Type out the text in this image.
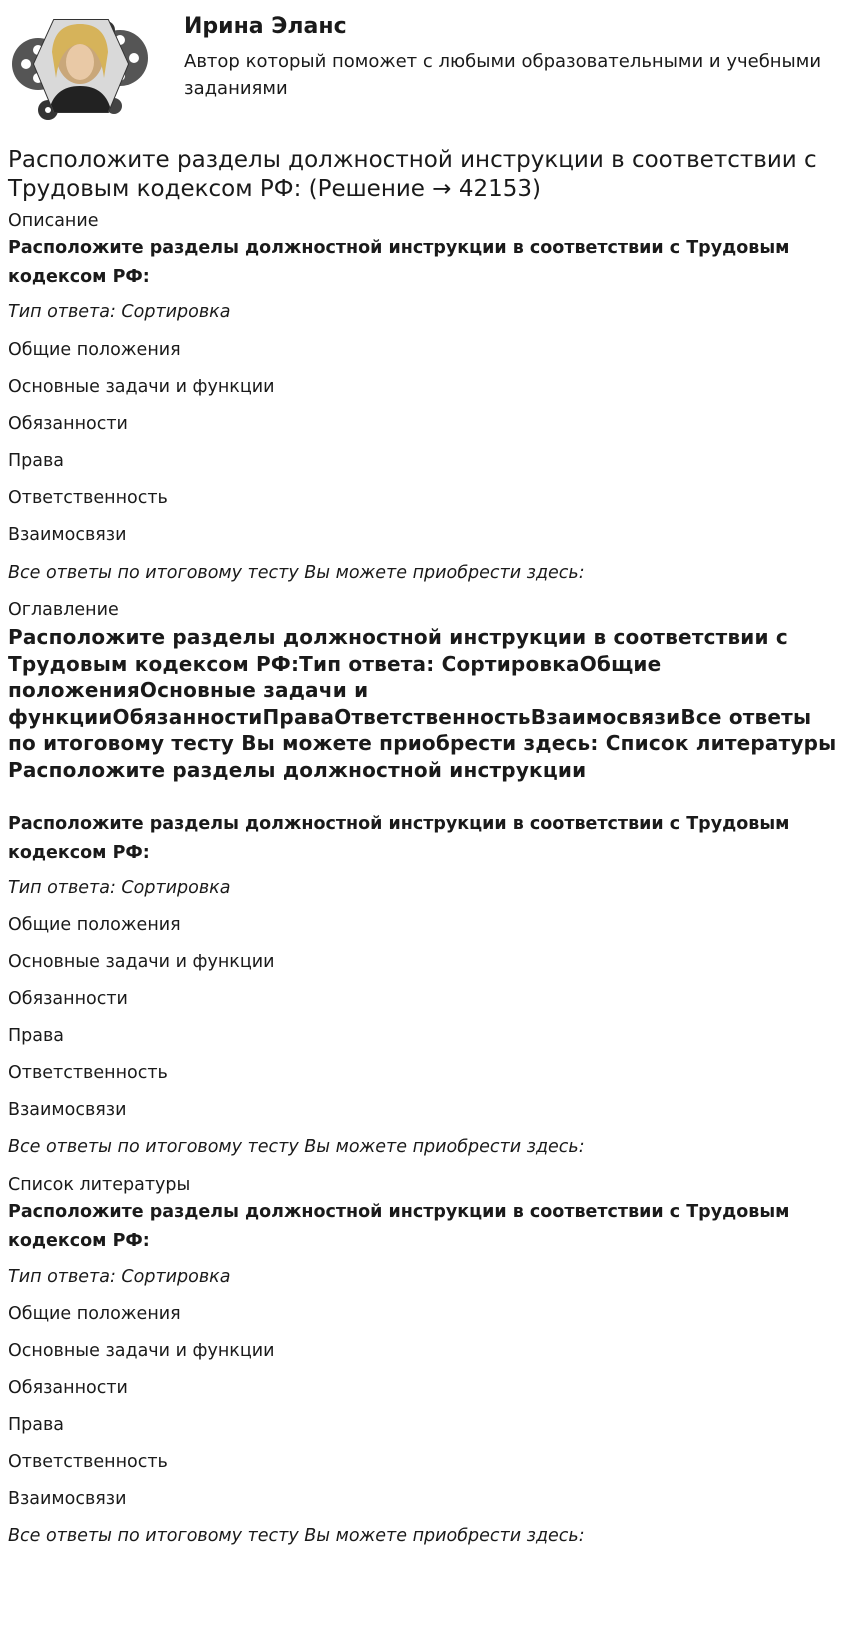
Ирина Эланс
Автор который поможет с любыми образовательными и учебными заданиями
Расположите разделы должностной инструкции в соответствии с Трудовым кодексом РФ: (Решение → 42153)
Описание
Расположите разделы должностной инструкции в соответствии с Трудовым кодексом РФ:
Тип ответа: Сортировка
Общие положения
Основные задачи и функции
Обязанности
Права
Ответственность
Взаимосвязи
Все ответы по итоговому тесту Вы можете приобрести здесь:
Оглавление
Расположите разделы должностной инструкции в соответствии с Трудовым кодексом РФ:Тип ответа: СортировкаОбщие положенияОсновные задачи и функцииОбязанностиПраваОтветственностьВзаимосвязиВсе ответы по итоговому тесту Вы можете приобрести здесь: Список литературы Расположите разделы должностной инструкции
Расположите разделы должностной инструкции в соответствии с Трудовым кодексом РФ:
Тип ответа: Сортировка
Общие положения
Основные задачи и функции
Обязанности
Права
Ответственность
Взаимосвязи
Все ответы по итоговому тесту Вы можете приобрести здесь:
Список литературы
Расположите разделы должностной инструкции в соответствии с Трудовым кодексом РФ:
Тип ответа: Сортировка
Общие положения
Основные задачи и функции
Обязанности
Права
Ответственность
Взаимосвязи
Все ответы по итоговому тесту Вы можете приобрести здесь:
